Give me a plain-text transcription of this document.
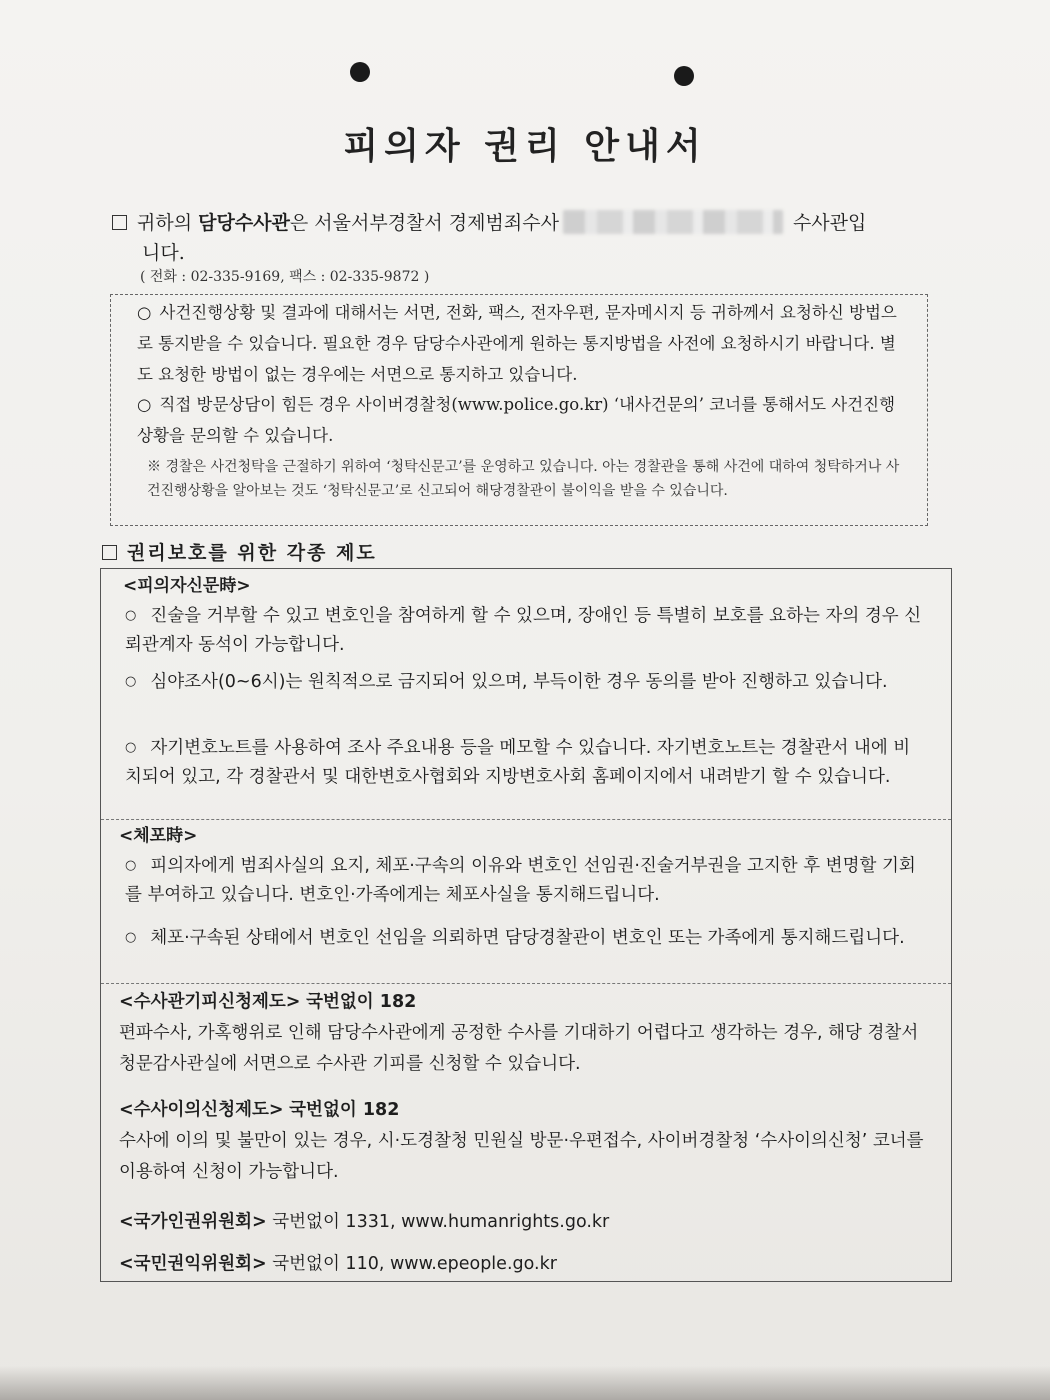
피의자 권리 안내서
귀하의 담당수사관은 서울서부경찰서 경제범죄수사	수사관입
니다.
( 전화 : 02-335-9169, 팩스 : 02-335-9872 )

○ 사건진행상황 및 결과에 대해서는 서면, 전화, 팩스, 전자우편, 문자메시지 등 귀하께서 요청하신 방법으로 통지받을 수 있습니다. 필요한 경우 담당수사관에게 원하는 통지방법을 사전에 요청하시기 바랍니다. 별도 요청한 방법이 없는 경우에는 서면으로 통지하고 있습니다.

○ 직접 방문상담이 힘든 경우 사이버경찰청(www.police.go.kr) ‘내사건문의’ 코너를 통해서도 사건진행상황을 문의할 수 있습니다.

※ 경찰은 사건청탁을 근절하기 위하여 ‘청탁신문고’를 운영하고 있습니다. 아는 경찰관을 통해 사건에 대하여 청탁하거나 사건진행상황을 알아보는 것도 ‘청탁신문고’로 신고되어 해당경찰관이 불이익을 받을 수 있습니다.

권리보호를 위한 각종 제도
<피의자신문時>
○ 진술을 거부할 수 있고 변호인을 참여하게 할 수 있으며, 장애인 등 특별히 보호를 요하는 자의 경우 신뢰관계자 동석이 가능합니다.
○ 심야조사(0~6시)는 원칙적으로 금지되어 있으며, 부득이한 경우 동의를 받아 진행하고 있습니다.
○ 자기변호노트를 사용하여 조사 주요내용 등을 메모할 수 있습니다. 자기변호노트는 경찰관서 내에 비치되어 있고, 각 경찰관서 및 대한변호사협회와 지방변호사회 홈페이지에서 내려받기 할 수 있습니다.
<체포時>
○ 피의자에게 범죄사실의 요지, 체포·구속의 이유와 변호인 선임권·진술거부권을 고지한 후 변명할 기회를 부여하고 있습니다. 변호인·가족에게는 체포사실을 통지해드립니다.
○ 체포·구속된 상태에서 변호인 선임을 의뢰하면 담당경찰관이 변호인 또는 가족에게 통지해드립니다.
<수사관기피신청제도> 국번없이 182
편파수사, 가혹행위로 인해 담당수사관에게 공정한 수사를 기대하기 어렵다고 생각하는 경우, 해당 경찰서 청문감사관실에 서면으로 수사관 기피를 신청할 수 있습니다.
<수사이의신청제도> 국번없이 182
수사에 이의 및 불만이 있는 경우, 시·도경찰청 민원실 방문·우편접수, 사이버경찰청 ‘수사이의신청’ 코너를 이용하여 신청이 가능합니다.
<국가인권위원회> 국번없이 1331, www.humanrights.go.kr
<국민권익위원회> 국번없이 110, www.epeople.go.kr
